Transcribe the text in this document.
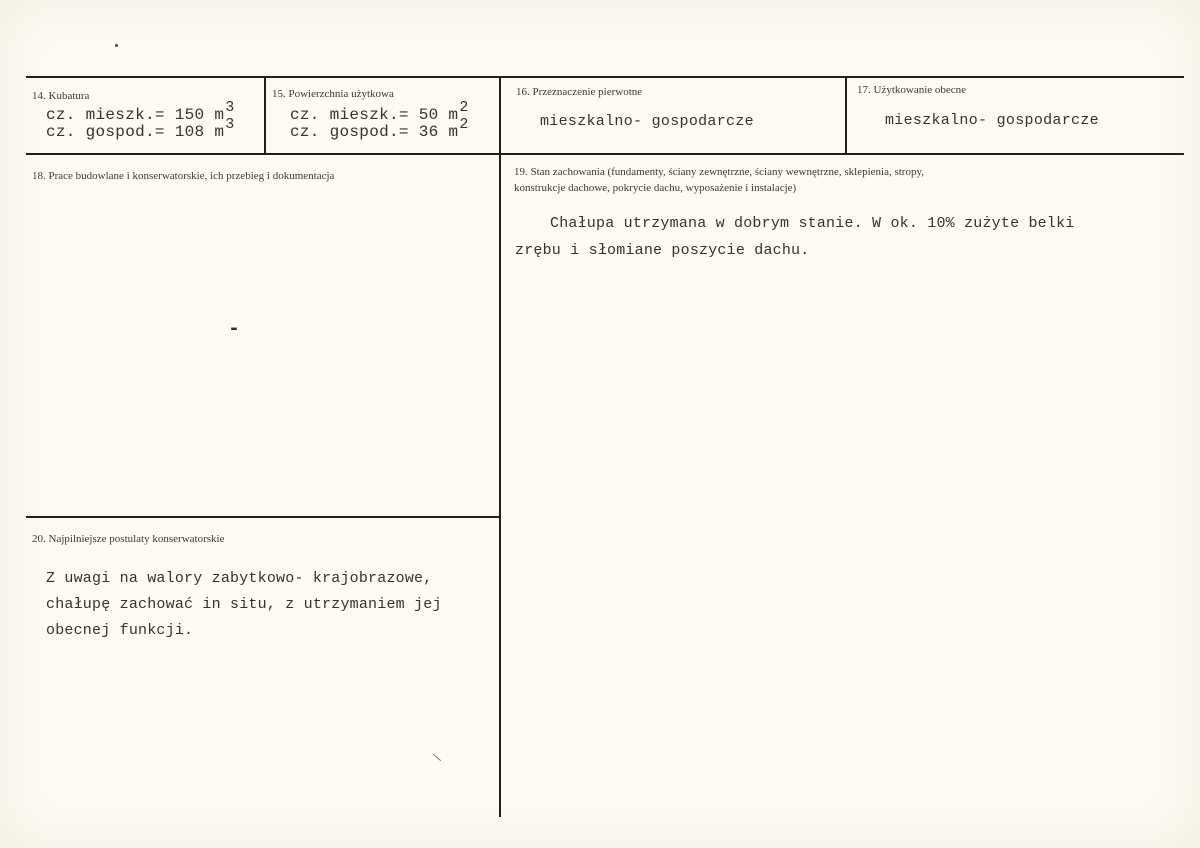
14. Kubatura
cz. mieszk.= 150 m3
cz. gospod.= 108 m3
15. Powierzchnia użytkowa
cz. mieszk.= 50 m2
cz. gospod.= 36 m2
16. Przeznaczenie pierwotne
mieszkalno- gospodarcze
17. Użytkowanie obecne
mieszkalno- gospodarcze
18. Prace budowlane i konserwatorskie, ich przebieg i dokumentacja
-
19. Stan zachowania (fundamenty, ściany zewnętrzne, ściany wewnętrzne, sklepienia, stropy,
konstrukcje dachowe, pokrycie dachu, wyposażenie i instalacje)
Chałupa utrzymana w dobrym stanie. W ok. 10% zużyte belki
zrębu i słomiane poszycie dachu.
20. Najpilniejsze postulaty konserwatorskie
Z uwagi na walory zabytkowo- krajobrazowe,
chałupę zachować in situ, z utrzymaniem jej
obecnej funkcji.
